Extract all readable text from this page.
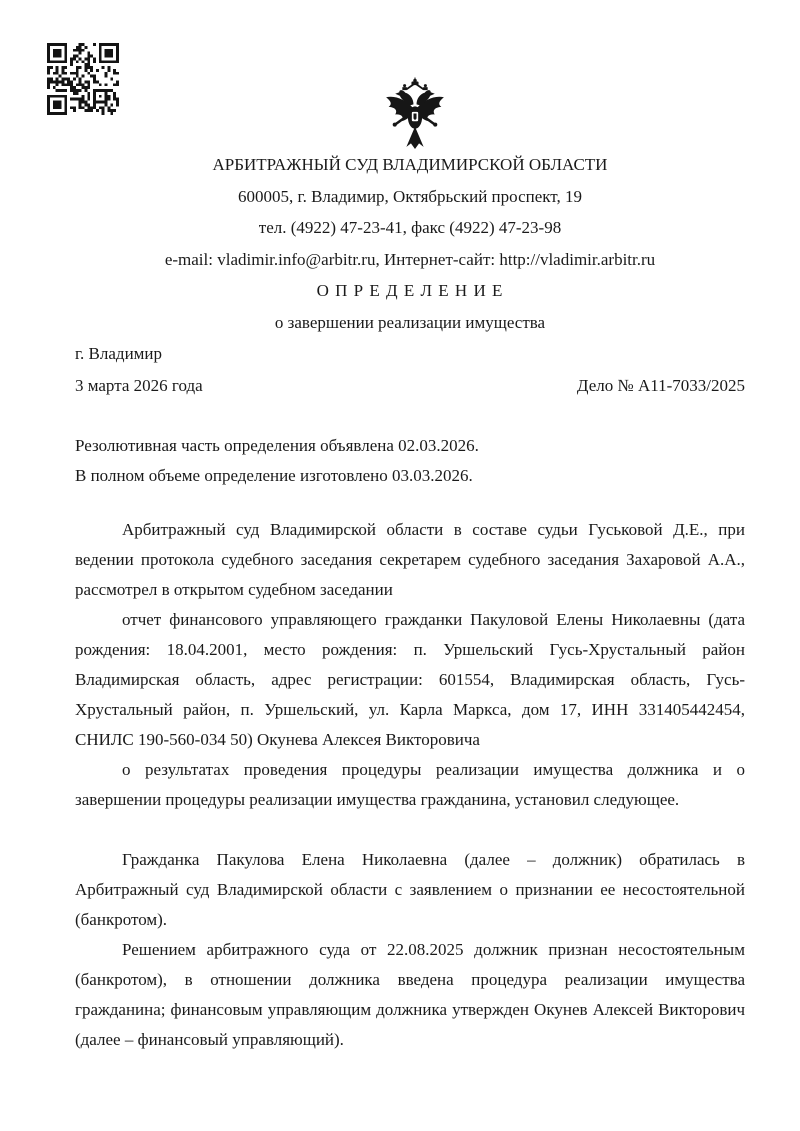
АРБИТРАЖНЫЙ СУД ВЛАДИМИРСКОЙ ОБЛАСТИ
600005, г. Владимир, Октябрьский проспект, 19
тел. (4922) 47-23-41, факс (4922) 47-23-98
e-mail: vladimir.info@arbitr.ru, Интернет-сайт: http://vladimir.arbitr.ru
О П Р Е Д Е Л Е Н И Е
о завершении реализации имущества
г. Владимир
3 марта 2026 года	Дело № А11-7033/2025
Резолютивная часть определения объявлена 02.03.2026.
В полном объеме определение изготовлено 03.03.2026.

Арбитражный суд Владимирской области в составе судьи Гуськовой Д.Е., при ведении протокола судебного заседания секретарем судебного заседания Захаровой А.А., рассмотрел в открытом судебном заседании

отчет финансового управляющего гражданки Пакуловой Елены Николаевны (дата рождения: 18.04.2001, место рождения: п. Уршельский Гусь-Хрустальный район Владимирская область, адрес регистрации: 601554, Владимирская область, Гусь-Хрустальный район, п. Уршельский, ул. Карла Маркса, дом 17, ИНН 331405442454, СНИЛС 190-560-034 50) Окунева Алексея Викторовича

о результатах проведения процедуры реализации имущества должника и о завершении процедуры реализации имущества гражданина, установил следующее.

Гражданка Пакулова Елена Николаевна (далее – должник) обратилась в Арбитражный суд Владимирской области с заявлением о признании ее несостоятельной (банкротом).

Решением арбитражного суда от 22.08.2025 должник признан несостоятельным (банкротом), в отношении должника введена процедура реализации имущества гражданина; финансовым управляющим должника утвержден Окунев Алексей Викторович (далее – финансовый управляющий).
